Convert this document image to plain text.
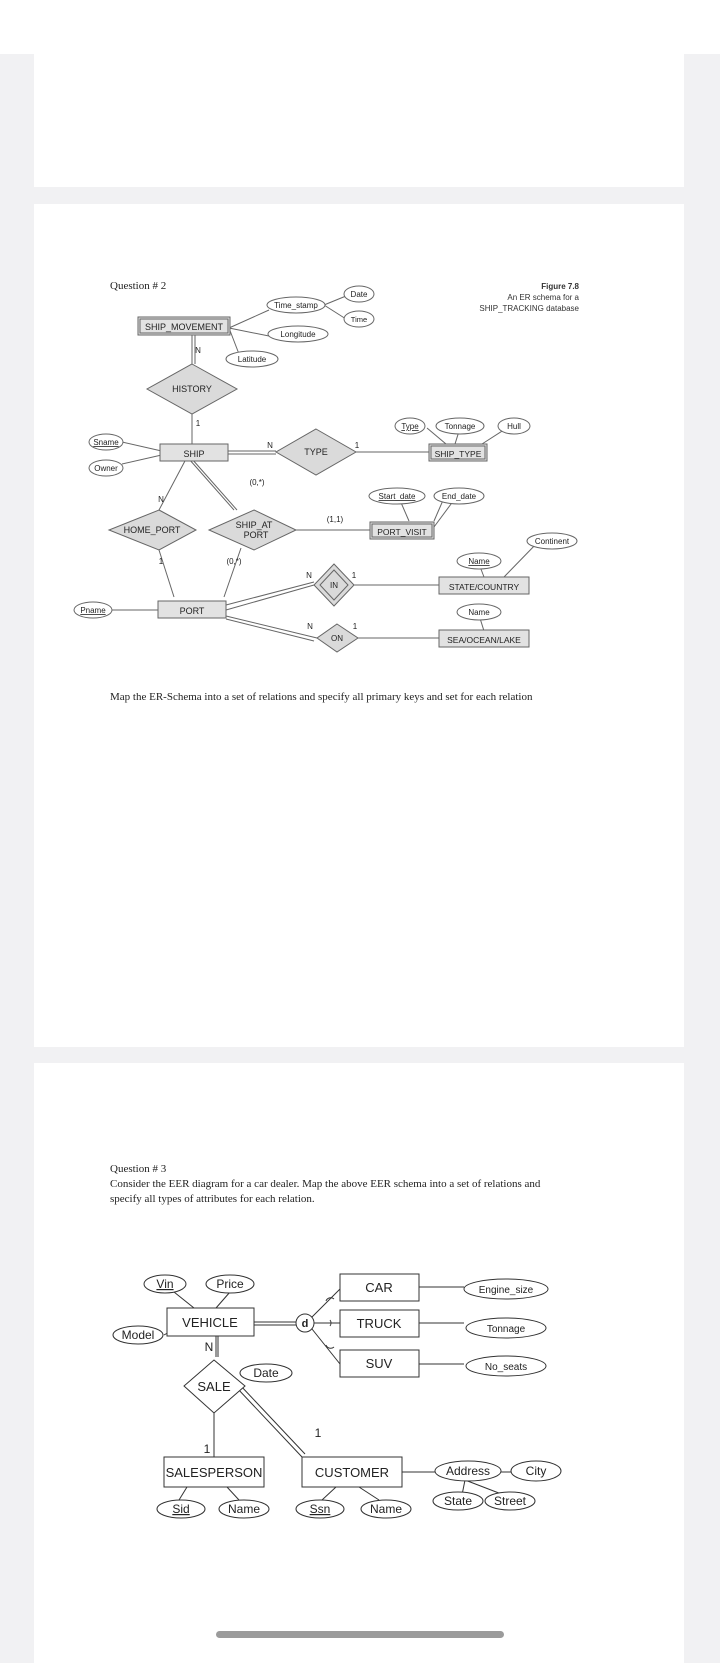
Question # 2
SHIP_MOVEMENT
SHIP	SHIP_TYPE
PORT_VISIT
PORT
STATE/COUNTRY
SEA/OCEAN/LAKE
HISTORY
TYPE
HOME_PORT	SHIP_AT
PORT
IN
ON
Time_stamp
Date
Time
Longitude
Latitude
Sname
Owner
Type	Tonnage	Hull
Start_date	End_date
Continent
Name
Name
Pname
N
1
N	1
N
1
(0,*)
(0,*)
(1,1)
N	1
N	1
Figure 7.8
An ER schema for a
SHIP_TRACKING database
Map the ER-Schema into a set of relations and specify all primary keys and set for each relation
Question # 3
Consider the EER diagram for a car dealer. Map the above EER schema into a set of relations and
specify all types of attributes for each relation.
VEHICLE
CAR
TRUCK
SUV
SALESPERSON	CUSTOMER
SALE
d
Vin	Price
Model
Engine_size
Tonnage
No_seats
Date
Sid	Name	Ssn	Name
Address	City
State Street
N
1
1
